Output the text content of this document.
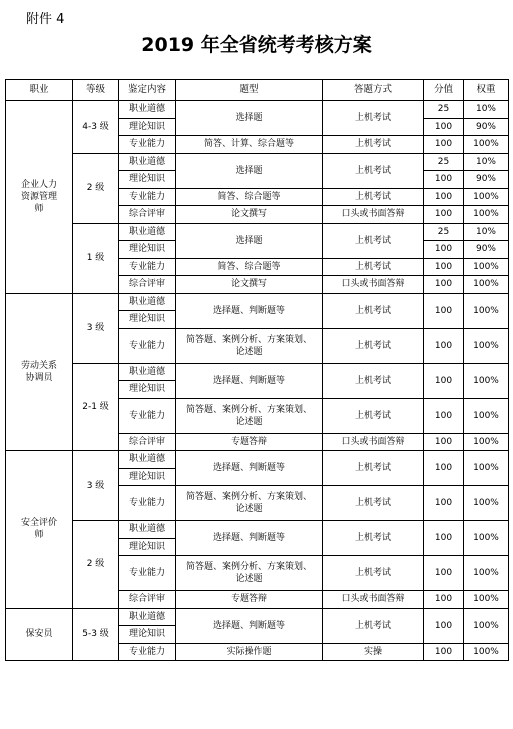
附件 4
2019 年全省统考考核方案
职业	等级	鉴定内容	题型	答题方式	分值	权重
企业人力资源管理师	4-3 级	职业道德	选择题	上机考试	25	10%
		理论知识			100	90%
		专业能力	简答、计算、综合题等	上机考试	100	100%
	2 级	职业道德	选择题	上机考试	25	10%
		理论知识			100	90%
		专业能力	简答、综合题等	上机考试	100	100%
		综合评审	论文撰写	口头或书面答辩	100	100%
	1 级	职业道德	选择题	上机考试	25	10%
		理论知识			100	90%
		专业能力	简答、综合题等	上机考试	100	100%
		综合评审	论文撰写	口头或书面答辩	100	100%
劳动关系协调员	3 级	职业道德	选择题、判断题等	上机考试	100	100%
		理论知识				
		专业能力	简答题、案例分析、方案策划、论述题	上机考试	100	100%
	2-1 级	职业道德	选择题、判断题等	上机考试	100	100%
		理论知识				
		专业能力	简答题、案例分析、方案策划、论述题	上机考试	100	100%
		综合评审	专题答辩	口头或书面答辩	100	100%
安全评价师	3 级	职业道德	选择题、判断题等	上机考试	100	100%
		理论知识				
		专业能力	简答题、案例分析、方案策划、论述题	上机考试	100	100%
	2 级	职业道德	选择题、判断题等	上机考试	100	100%
		理论知识				
		专业能力	简答题、案例分析、方案策划、论述题	上机考试	100	100%
		综合评审	专题答辩	口头或书面答辩	100	100%
保安员	5-3 级	职业道德	选择题、判断题等	上机考试	100	100%
		理论知识				
		专业能力	实际操作题	实操	100	100%
